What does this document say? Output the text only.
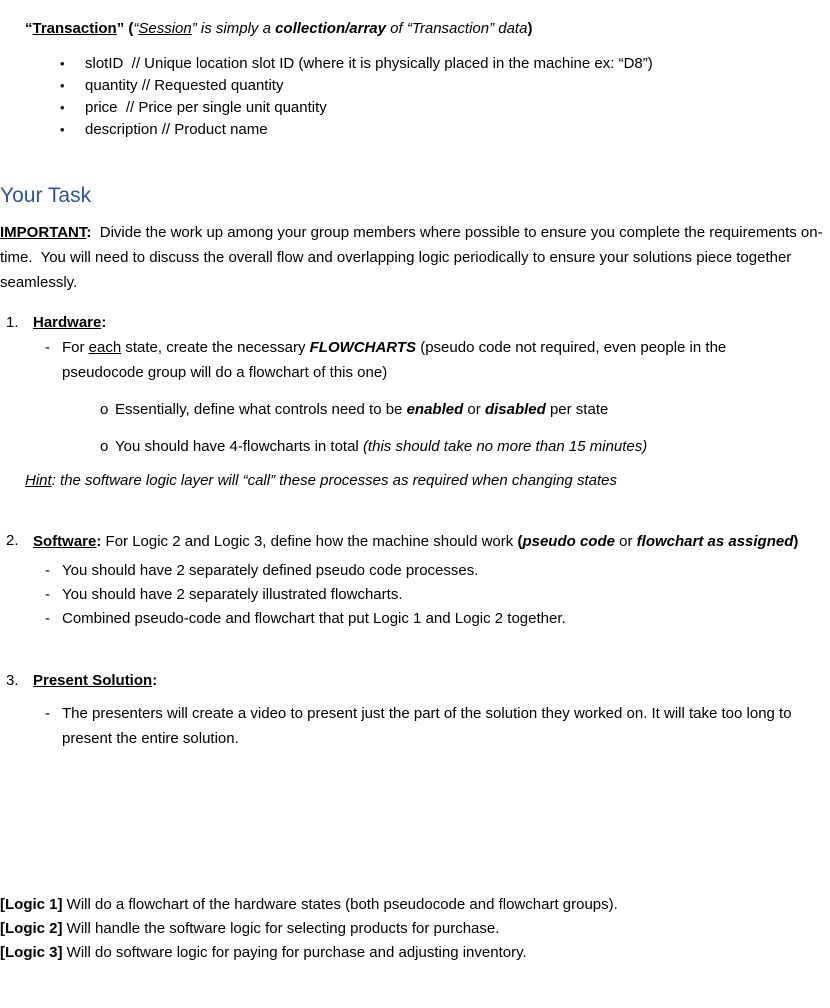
“Transaction” (“Session” is simply a collection/array of “Transaction” data)

• slotID  // Unique location slot ID (where it is physically placed in the machine ex: “D8”)
• quantity // Requested quantity
• price  // Price per single unit quantity
• description // Product name
Your Task

IMPORTANT:  Divide the work up among your group members where possible to ensure you complete the requirements on-time.  You will need to discuss the overall flow and overlapping logic periodically to ensure your solutions piece together seamlessly.

1. Hardware:

- For each state, create the necessary FLOWCHARTS (pseudo code not required, even people in the pseudocode group will do a flowchart of this one)

o Essentially, define what controls need to be enabled or disabled per state

o You should have 4-flowcharts in total (this should take no more than 15 minutes)

Hint: the software logic layer will “call” these processes as required when changing states

2. Software: For Logic 2 and Logic 3, define how the machine should work (pseudo code or flowchart as assigned)

- You should have 2 separately defined pseudo code processes.

- You should have 2 separately illustrated flowcharts.

- Combined pseudo-code and flowchart that put Logic 1 and Logic 2 together.

3. Present Solution:

- The presenters will create a video to present just the part of the solution they worked on. It will take too long to present the entire solution.

[Logic 1] Will do a flowchart of the hardware states (both pseudocode and flowchart groups).

[Logic 2] Will handle the software logic for selecting products for purchase.

[Logic 3] Will do software logic for paying for purchase and adjusting inventory.
